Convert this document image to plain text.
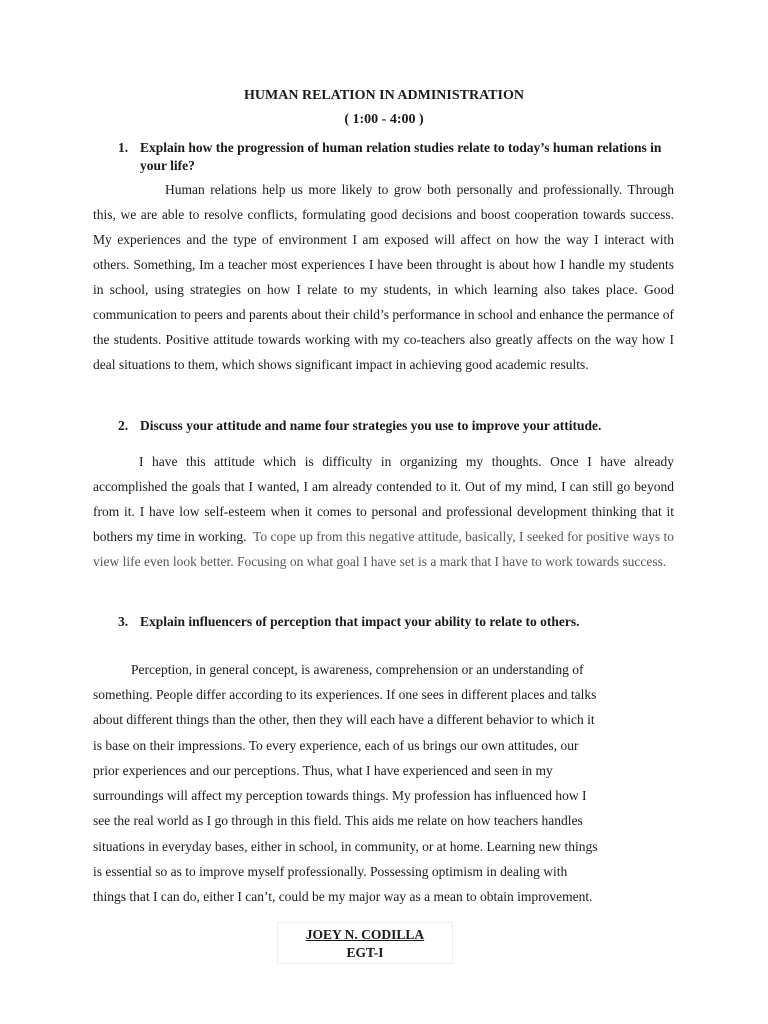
HUMAN RELATION IN ADMINISTRATION
( 1:00 - 4:00 )
1. Explain how the progression of human relation studies relate to today’s human relations in your life?

Human relations help us more likely to grow both personally and professionally. Through this, we are able to resolve conflicts, formulating good decisions and boost cooperation towards success. My experiences and the type of environment I am exposed will affect on how the way I interact with others. Something, Im a teacher most experiences I have been throught is about how I handle my students in school, using strategies on how I relate to my students, in which learning also takes place. Good communication to peers and parents about their child’s performance in school and enhance the permance of the students. Positive attitude towards working with my co-teachers also greatly affects on the way how I deal situations to them, which shows significant impact in achieving good academic results.

2. Discuss your attitude and name four strategies you use to improve your attitude.

I have this attitude which is difficulty in organizing my thoughts. Once I have already accomplished the goals that I wanted, I am already contended to it. Out of my mind, I can still go beyond from it. I have low self-esteem when it comes to personal and professional development thinking that it bothers my time in working. To cope up from this negative attitude, basically, I seeked for positive ways to view life even look better. Focusing on what goal I have set is a mark that I have to work towards success.

3. Explain influencers of perception that impact your ability to relate to others.
Perception, in general concept, is awareness, comprehension or an understanding of
something. People differ according to its experiences. If one sees in different places and talks
about different things than the other, then they will each have a different behavior to which it
is base on their impressions. To every experience, each of us brings our own attitudes, our
prior experiences and our perceptions. Thus, what I have experienced and seen in my
surroundings will affect my perception towards things. My profession has influenced how I
see the real world as I go through in this field. This aids me relate on how teachers handles
situations in everyday bases, either in school, in community, or at home. Learning new things
is essential so as to improve myself professionally. Possessing optimism in dealing with
things that I can do, either I can’t, could be my major way as a mean to obtain improvement.
JOEY N. CODILLA
EGT-I
